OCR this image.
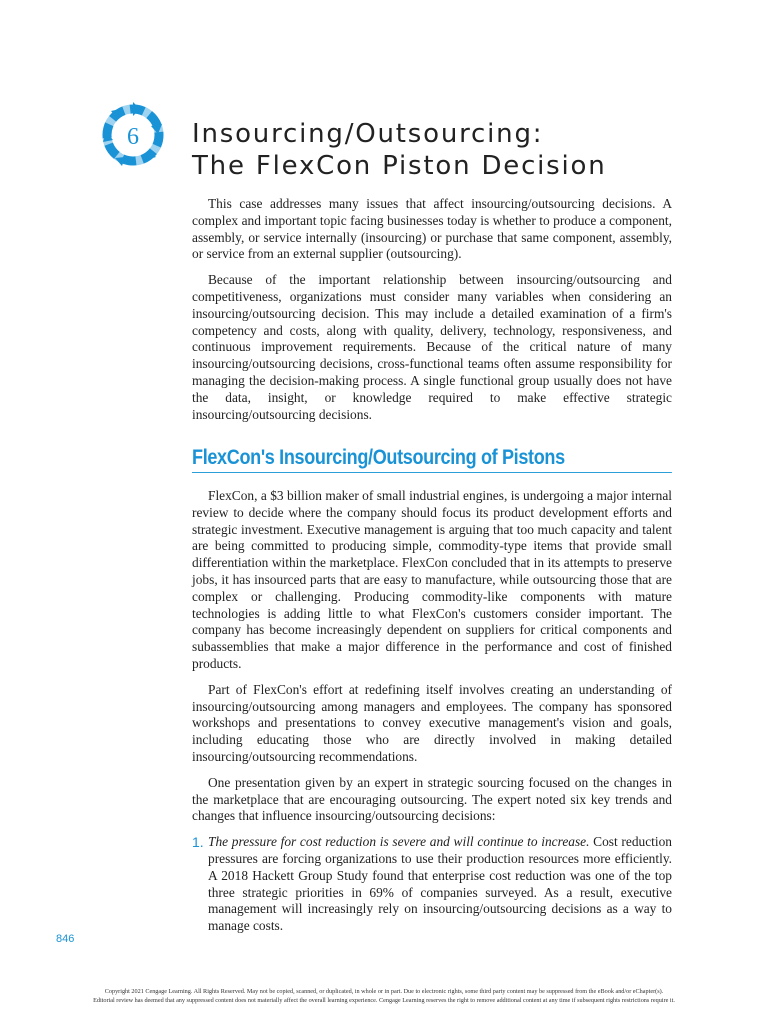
6 Insourcing/Outsourcing:
The FlexCon Piston Decision

This case addresses many issues that affect insourcing/outsourcing decisions. A complex and important topic facing businesses today is whether to produce a component, assembly, or service internally (insourcing) or purchase that same component, assembly, or service from an external supplier (outsourcing).

Because of the important relationship between insourcing/outsourcing and competitiveness, organizations must consider many variables when considering an insourcing/outsourcing decision. This may include a detailed examination of a firm's competency and costs, along with quality, delivery, technology, responsiveness, and continuous improvement requirements. Because of the critical nature of many insourcing/outsourcing decisions, cross-functional teams often assume responsibility for managing the decision-making process. A single functional group usually does not have the data, insight, or knowledge required to make effective strategic insourcing/outsourcing decisions.

FlexCon's Insourcing/Outsourcing of Pistons

FlexCon, a $3 billion maker of small industrial engines, is undergoing a major internal review to decide where the company should focus its product development efforts and strategic investment. Executive management is arguing that too much capacity and talent are being committed to producing simple, commodity-type items that provide small differentiation within the marketplace. FlexCon concluded that in its attempts to preserve jobs, it has insourced parts that are easy to manufacture, while outsourcing those that are complex or challenging. Producing commodity-like components with mature technologies is adding little to what FlexCon's customers consider important. The company has become increasingly dependent on suppliers for critical components and subassemblies that make a major difference in the performance and cost of finished products.

Part of FlexCon's effort at redefining itself involves creating an understanding of insourcing/outsourcing among managers and employees. The company has sponsored workshops and presentations to convey executive management's vision and goals, including educating those who are directly involved in making detailed insourcing/outsourcing recommendations.

One presentation given by an expert in strategic sourcing focused on the changes in the marketplace that are encouraging outsourcing. The expert noted six key trends and changes that influence insourcing/outsourcing decisions:

1. The pressure for cost reduction is severe and will continue to increase. Cost reduction pressures are forcing organizations to use their production resources more efficiently. A 2018 Hackett Group Study found that enterprise cost reduction was one of the top three strategic priorities in 69% of companies surveyed. As a result, executive management will increasingly rely on insourcing/outsourcing decisions as a way to manage costs.
846
Copyright 2021 Cengage Learning. All Rights Reserved. May not be copied, scanned, or duplicated, in whole or in part. Due to electronic rights, some third party content may be suppressed from the eBook and/or eChapter(s).
Editorial review has deemed that any suppressed content does not materially affect the overall learning experience. Cengage Learning reserves the right to remove additional content at any time if subsequent rights restrictions require it.
